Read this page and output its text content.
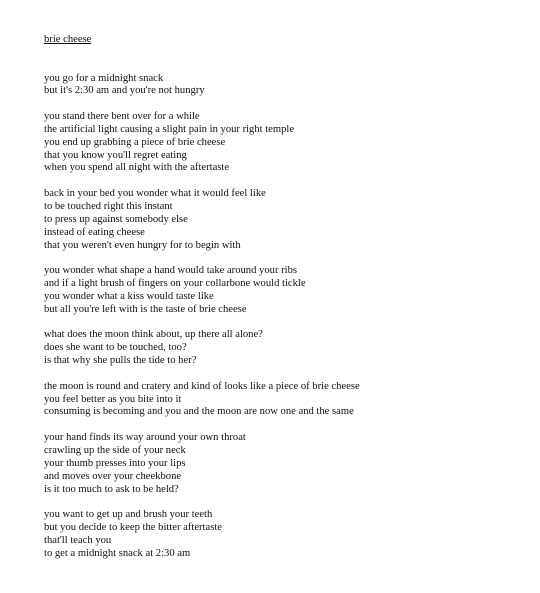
brie cheese
you go for a midnight snack
but it's 2:30 am and you're not hungry
you stand there bent over for a while
the artificial light causing a slight pain in your right temple
you end up grabbing a piece of brie cheese
that you know you'll regret eating
when you spend all night with the aftertaste
back in your bed you wonder what it would feel like
to be touched right this instant
to press up against somebody else
instead of eating cheese
that you weren't even hungry for to begin with
you wonder what shape a hand would take around your ribs
and if a light brush of fingers on your collarbone would tickle
you wonder what a kiss would taste like
but all you're left with is the taste of brie cheese
what does the moon think about, up there all alone?
does she want to be touched, too?
is that why she pulls the tide to her?
the moon is round and cratery and kind of looks like a piece of brie cheese
you feel better as you bite into it
consuming is becoming and you and the moon are now one and the same
your hand finds its way around your own throat
crawling up the side of your neck
your thumb presses into your lips
and moves over your cheekbone
is it too much to ask to be held?
you want to get up and brush your teeth
but you decide to keep the bitter aftertaste
that'll teach you
to get a midnight snack at 2:30 am
